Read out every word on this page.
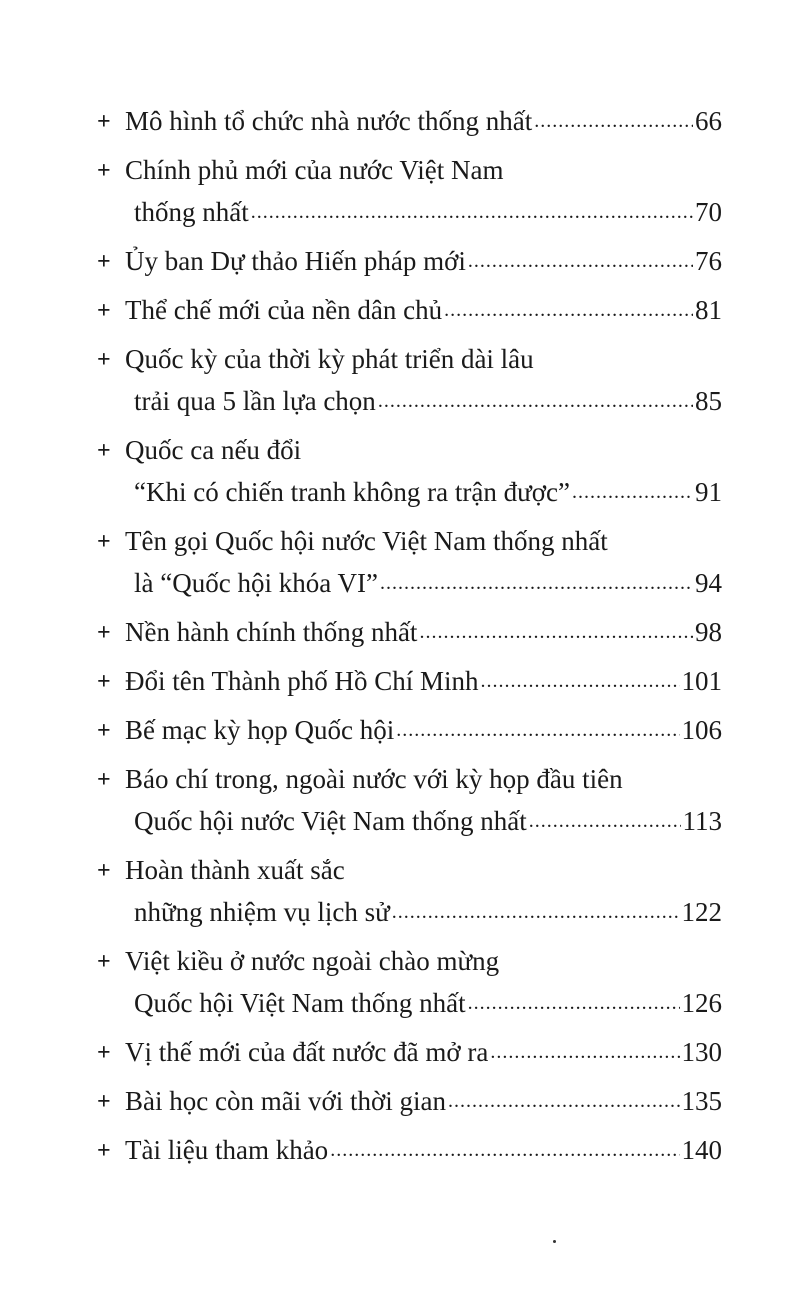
+ Mô hình tổ chức nhà nước thống nhất .....	66
+ Chính phủ mới của nước Việt Nam
thống nhất .....	70
+ Ủy ban Dự thảo Hiến pháp mới .....	76
+ Thể chế mới của nền dân chủ .....	81
+ Quốc kỳ của thời kỳ phát triển dài lâu
trải qua 5 lần lựa chọn .....	85
+ Quốc ca nếu đổi
“Khi có chiến tranh không ra trận được” .....	91
+ Tên gọi Quốc hội nước Việt Nam thống nhất
là “Quốc hội khóa VI” .....	94
+ Nền hành chính thống nhất .....	98
+ Đổi tên Thành phố Hồ Chí Minh .....	101
+ Bế mạc kỳ họp Quốc hội .....	106
+ Báo chí trong, ngoài nước với kỳ họp đầu tiên
Quốc hội nước Việt Nam thống nhất .....	113
+ Hoàn thành xuất sắc
những nhiệm vụ lịch sử .....	122
+ Việt kiều ở nước ngoài chào mừng
Quốc hội Việt Nam thống nhất .....	126
+ Vị thế mới của đất nước đã mở ra .....	130
+ Bài học còn mãi với thời gian .....	135
+ Tài liệu tham khảo .....	140
